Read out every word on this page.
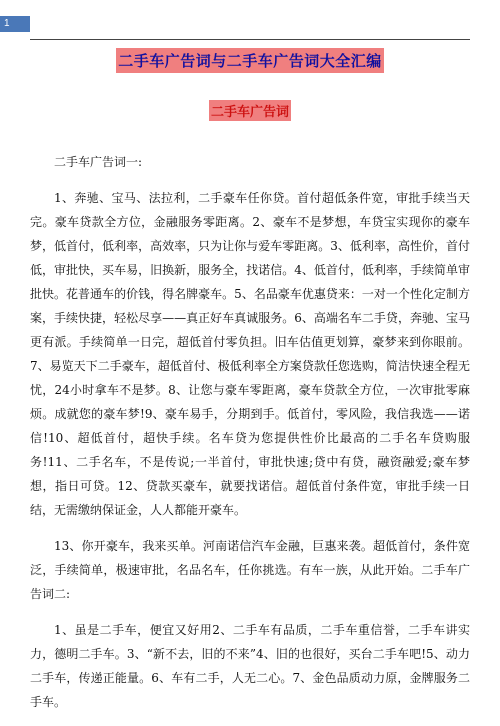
1
二手车广告词与二手车广告词大全汇编
二手车广告词

二手车广告词一:

1、奔驰、宝马、法拉利，二手豪车任你贷。首付超低条件宽，审批手续当天完。豪车贷款全方位，金融服务零距离。2、豪车不是梦想，车贷宝实现你的豪车梦，低首付，低利率，高效率，只为让你与爱车零距离。3、低利率，高性价，首付低，审批快，买车易，旧换新，服务全，找诺信。4、低首付，低利率，手续简单审批快。花普通车的价钱，得名牌豪车。5、名品豪车优惠贷来：一对一个性化定制方案，手续快捷，轻松尽享——真正好车真诚服务。6、高端名车二手贷，奔驰、宝马更有派。手续简单一日完，超低首付零负担。旧车估值更划算，豪梦来到你眼前。7、易览天下二手豪车，超低首付、极低利率全方案贷款任您选购，简洁快速全程无忧，24小时拿车不是梦。8、让您与豪车零距离，豪车贷款全方位，一次审批零麻烦。成就您的豪车梦!9、豪车易手，分期到手。低首付，零风险，我信我选——诺信!10、超低首付，超快手续。名车贷为您提供性价比最高的二手名车贷购服务!11、二手名车，不是传说;一半首付，审批快速;贷中有贷，融资融爱;豪车梦想，指日可贷。12、贷款买豪车，就要找诺信。超低首付条件宽，审批手续一日结，无需缴纳保证金，人人都能开豪车。

13、你开豪车，我来买单。河南诺信汽车金融，巨惠来袭。超低首付，条件宽泛，手续简单，极速审批，名品名车，任你挑选。有车一族，从此开始。二手车广告词二:

1、虽是二手车，便宜又好用2、二手车有品质，二手车重信誉，二手车讲实力，德明二手车。3、“新不去，旧的不来”4、旧的也很好，买台二手车吧!5、动力二手车，传递正能量。6、车有二手，人无二心。7、金色品质动力原，金牌服务二手车。
